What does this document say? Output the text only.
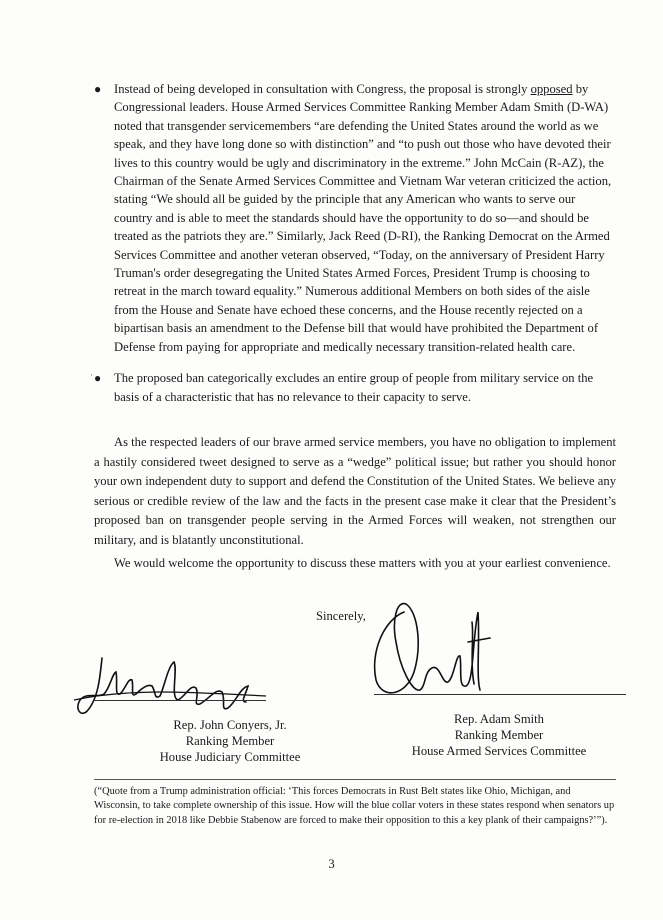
● Instead of being developed in consultation with Congress, the proposal is strongly opposed by Congressional leaders. House Armed Services Committee Ranking Member Adam Smith (D-WA) noted that transgender servicemembers “are defending the United States around the world as we speak, and they have long done so with distinction” and “to push out those who have devoted their lives to this country would be ugly and discriminatory in the extreme.” John McCain (R-AZ), the Chairman of the Senate Armed Services Committee and Vietnam War veteran criticized the action, stating “We should all be guided by the principle that any American who wants to serve our country and is able to meet the standards should have the opportunity to do so—and should be treated as the patriots they are.” Similarly, Jack Reed (D-RI), the Ranking Democrat on the Armed Services Committee and another veteran observed, “Today, on the anniversary of President Harry Truman's order desegregating the United States Armed Forces, President Trump is choosing to retreat in the march toward equality.” Numerous additional Members on both sides of the aisle from the House and Senate have echoed these concerns, and the House recently rejected on a bipartisan basis an amendment to the Defense bill that would have prohibited the Department of Defense from paying for appropriate and medically necessary transition-related health care.
● The proposed ban categorically excludes an entire group of people from military service on the basis of a characteristic that has no relevance to their capacity to serve.
·

As the respected leaders of our brave armed service members, you have no obligation to implement a hastily considered tweet designed to serve as a “wedge” political issue; but rather you should honor your own independent duty to support and defend the Constitution of the United States. We believe any serious or credible review of the law and the facts in the present case make it clear that the President’s proposed ban on transgender people serving in the Armed Forces will weaken, not strengthen our military, and is blatantly unconstitutional.

We would welcome the opportunity to discuss these matters with you at your earliest convenience.

Sincerely,
Rep. John Conyers, Jr.
Ranking Member
House Judiciary Committee
Rep. Adam Smith
Ranking Member
House Armed Services Committee

(“Quote from a Trump administration official: ‘This forces Democrats in Rust Belt states like Ohio, Michigan, and Wisconsin, to take complete ownership of this issue. How will the blue collar voters in these states respond when senators up for re-election in 2018 like Debbie Stabenow are forced to make their opposition to this a key plank of their campaigns?’”).

3
